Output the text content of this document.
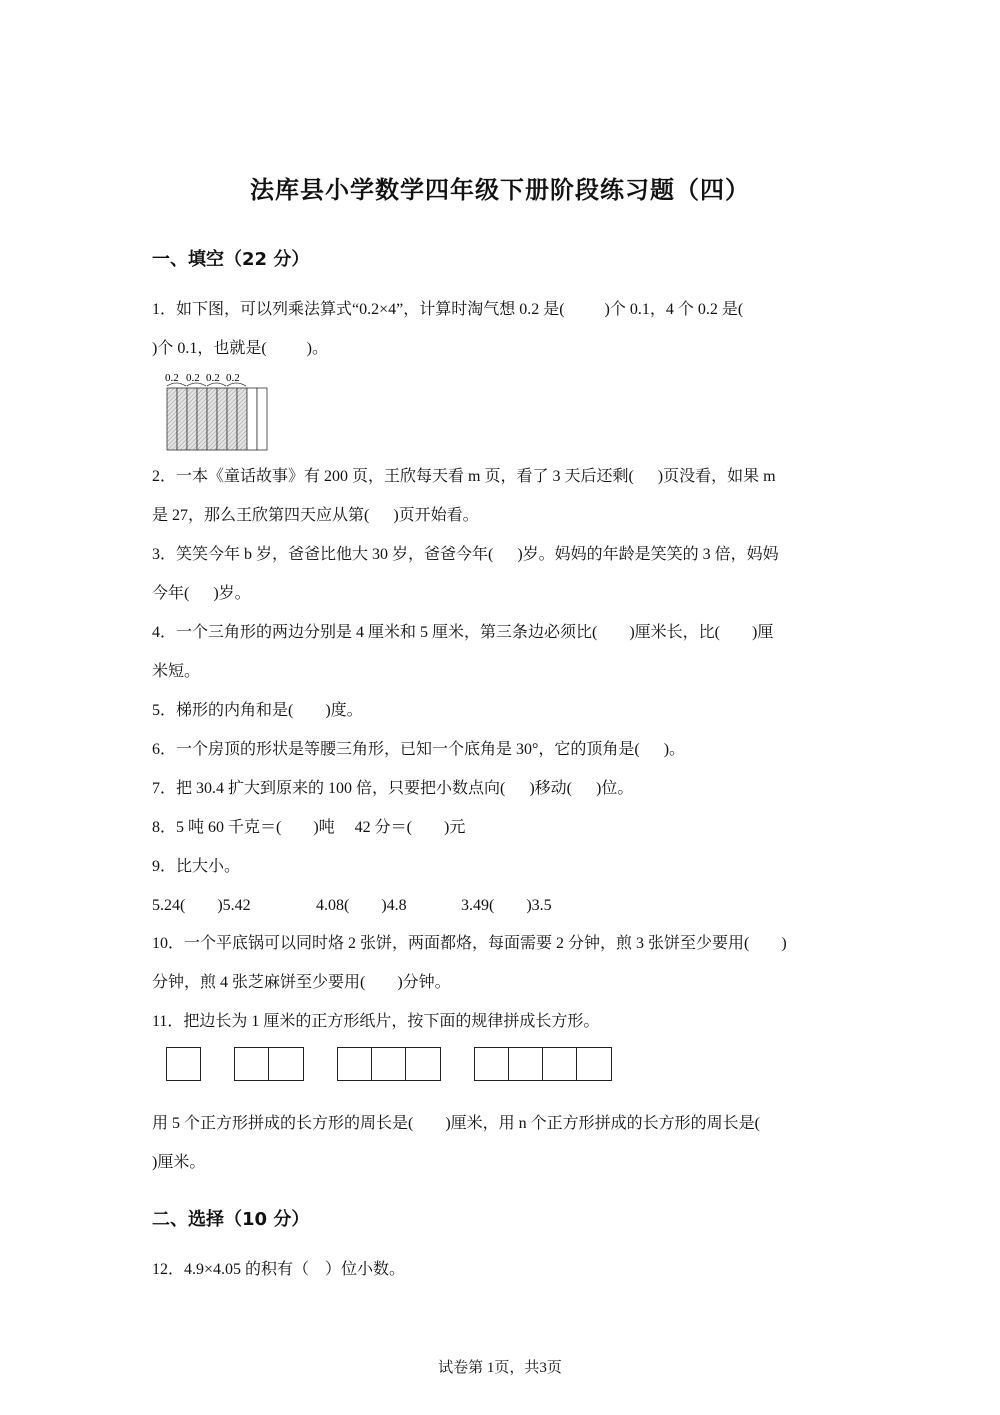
法库县小学数学四年级下册阶段练习题（四）
一、填空（22 分）
1．如下图，可以列乘法算式“0.2×4”，计算时淘气想 0.2 是(          )个 0.1，4 个 0.2 是(
)个 0.1，也就是(          )。
0.2 0.2 0.2 0.2
2．一本《童话故事》有 200 页，王欣每天看 m 页，看了 3 天后还剩(      )页没看，如果 m
是 27，那么王欣第四天应从第(      )页开始看。
3．笑笑今年 b 岁，爸爸比他大 30 岁，爸爸今年(      )岁。妈妈的年龄是笑笑的 3 倍，妈妈
今年(      )岁。
4．一个三角形的两边分别是 4 厘米和 5 厘米，第三条边必须比(        )厘米长，比(        )厘
米短。
5．梯形的内角和是(        )度。
6．一个房顶的形状是等腰三角形，已知一个底角是 30°，它的顶角是(      )。
7．把 30.4 扩大到原来的 100 倍，只要把小数点向(      )移动(      )位。
8．5 吨 60 千克＝(        )吨     42 分＝(        )元
9．比大小。
5.24(        )5.42	4.08(        )4.8	3.49(        )3.5
10．一个平底锅可以同时烙 2 张饼，两面都烙，每面需要 2 分钟，煎 3 张饼至少要用(        )
分钟，煎 4 张芝麻饼至少要用(        )分钟。
11．把边长为 1 厘米的正方形纸片，按下面的规律拼成长方形。
用 5 个正方形拼成的长方形的周长是(        )厘米，用 n 个正方形拼成的长方形的周长是(
)厘米。
二、选择（10 分）
12．4.9×4.05 的积有（    ）位小数。
试卷第 1页，共3页
